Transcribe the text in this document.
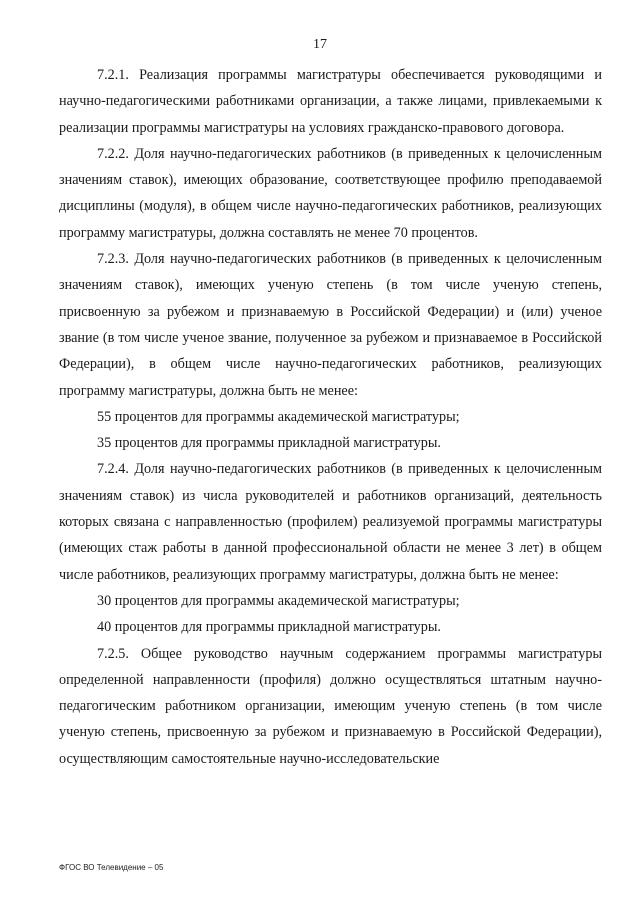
17

7.2.1. Реализация программы магистратуры обеспечивается руководящими и научно-педагогическими работниками организации, а также лицами, привлекаемыми к реализации программы магистратуры на условиях гражданско-правового договора.

7.2.2. Доля научно-педагогических работников (в приведенных к целочисленным значениям ставок), имеющих образование, соответствующее профилю преподаваемой дисциплины (модуля), в общем числе научно-педагогических работников, реализующих программу магистратуры, должна составлять не менее 70 процентов.

7.2.3. Доля научно-педагогических работников (в приведенных к целочисленным значениям ставок), имеющих ученую степень (в том числе ученую степень, присвоенную за рубежом и признаваемую в Российской Федерации) и (или) ученое звание (в том числе ученое звание, полученное за рубежом и признаваемое в Российской Федерации), в общем числе научно-педагогических работников, реализующих программу магистратуры, должна быть не менее:

55 процентов для программы академической магистратуры;

35 процентов для программы прикладной магистратуры.

7.2.4. Доля научно-педагогических работников (в приведенных к целочисленным значениям ставок) из числа руководителей и работников организаций, деятельность которых связана с направленностью (профилем) реализуемой программы магистратуры (имеющих стаж работы в данной профессиональной области не менее 3 лет) в общем числе работников, реализующих программу магистратуры, должна быть не менее:

30 процентов для программы академической магистратуры;

40 процентов для программы прикладной магистратуры.

7.2.5. Общее руководство научным содержанием программы магистратуры определенной направленности (профиля) должно осуществляться штатным научно-педагогическим работником организации, имеющим ученую степень (в том числе ученую степень, присвоенную за рубежом и признаваемую в Российской Федерации), осуществляющим самостоятельные научно-исследовательские

ФГОС ВО Телевидение – 05
